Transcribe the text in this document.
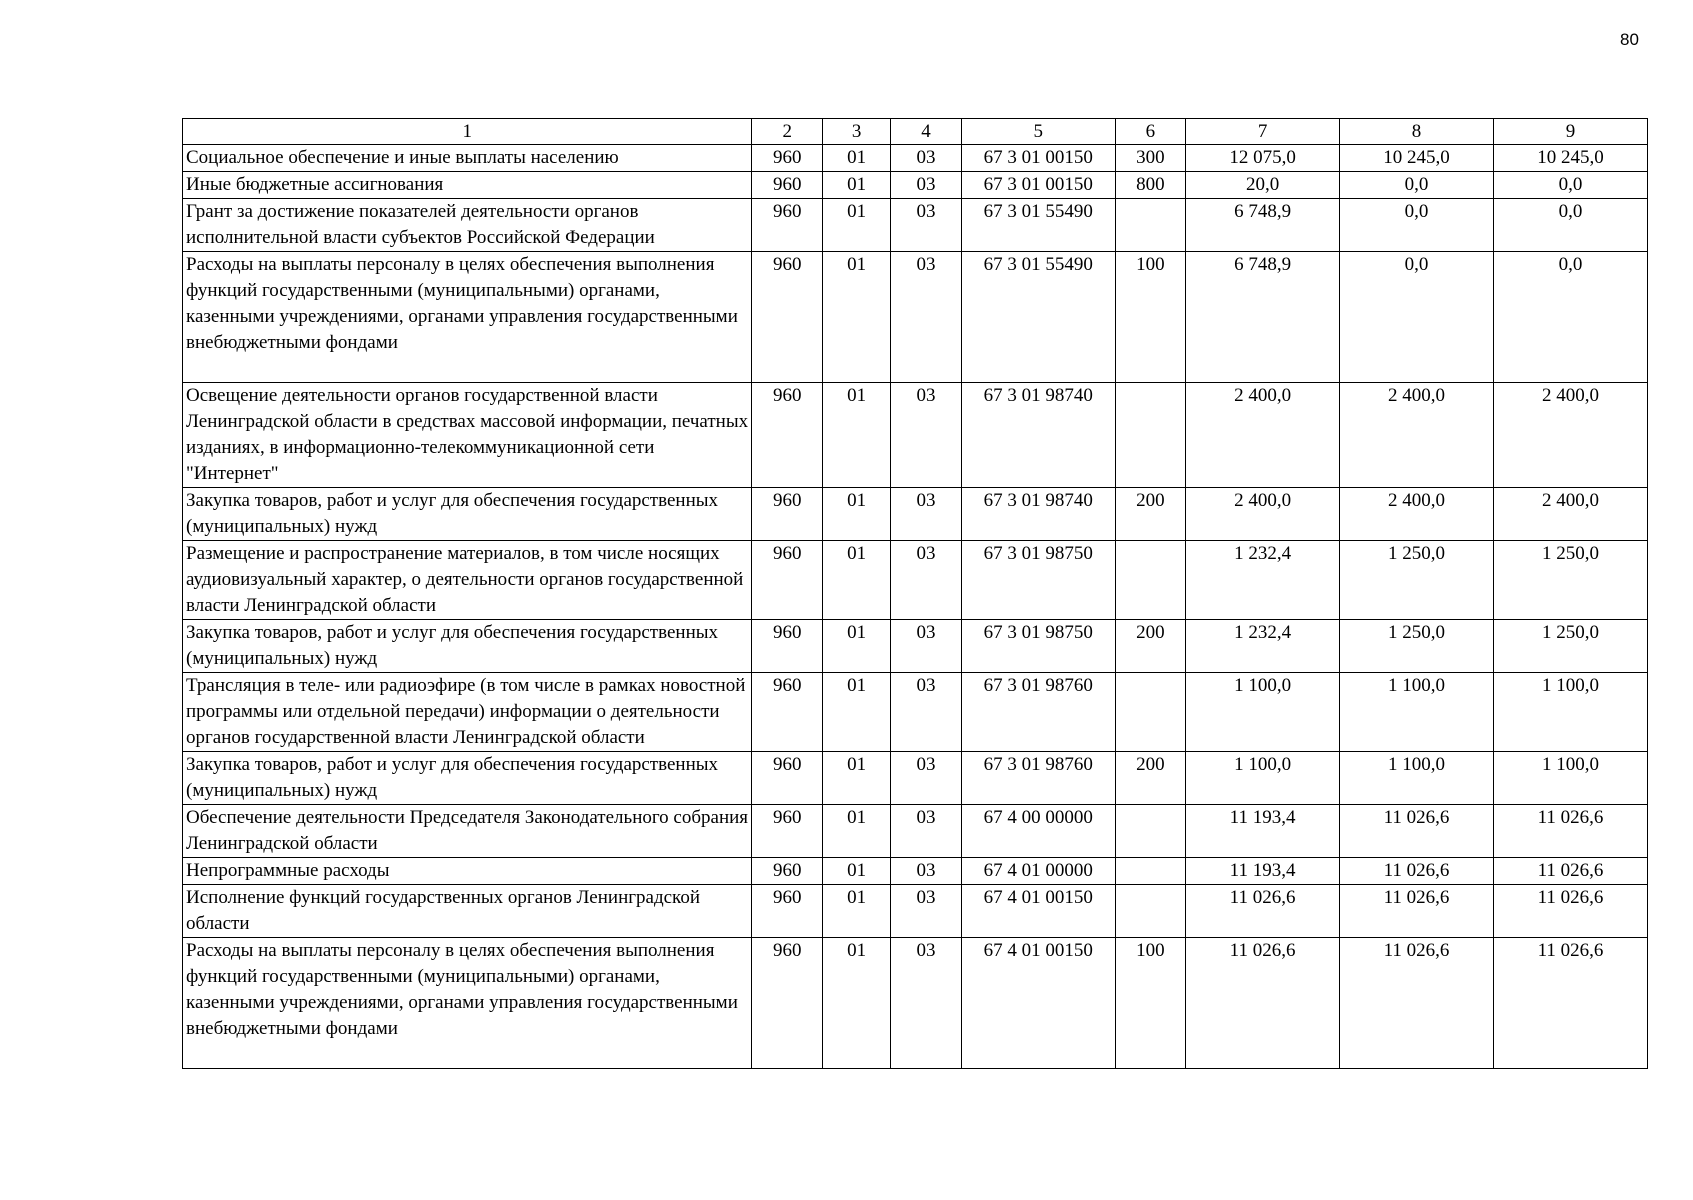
80
1	2	3	4	5	6	7	8	9
Социальное обеспечение и иные выплаты населению	960	01	03	67 3 01 00150	300	12 075,0	10 245,0	10 245,0
Иные бюджетные ассигнования	960	01	03	67 3 01 00150	800	20,0	0,0	0,0
Грант за достижение показателей деятельности органов исполнительной власти субъектов Российской Федерации	960	01	03	67 3 01 55490		6 748,9	0,0	0,0
Расходы на выплаты персоналу в целях обеспечения выполнения функций государственными (муниципальными) органами, казенными учреждениями, органами управления государственными внебюджетными фондами	960	01	03	67 3 01 55490	100	6 748,9	0,0	0,0
Освещение деятельности органов государственной власти Ленинградской области в средствах массовой информации, печатных изданиях, в информационно-телекоммуникационной сети "Интернет"	960	01	03	67 3 01 98740		2 400,0	2 400,0	2 400,0
Закупка товаров, работ и услуг для обеспечения государственных (муниципальных) нужд	960	01	03	67 3 01 98740	200	2 400,0	2 400,0	2 400,0
Размещение и распространение материалов, в том числе носящих аудиовизуальный характер, о деятельности органов государственной власти Ленинградской области	960	01	03	67 3 01 98750		1 232,4	1 250,0	1 250,0
Закупка товаров, работ и услуг для обеспечения государственных (муниципальных) нужд	960	01	03	67 3 01 98750	200	1 232,4	1 250,0	1 250,0
Трансляция в теле- или радиоэфире (в том числе в рамках новостной программы или отдельной передачи) информации о деятельности органов государственной власти Ленинградской области	960	01	03	67 3 01 98760		1 100,0	1 100,0	1 100,0
Закупка товаров, работ и услуг для обеспечения государственных (муниципальных) нужд	960	01	03	67 3 01 98760	200	1 100,0	1 100,0	1 100,0
Обеспечение деятельности Председателя Законодательного собрания Ленинградской области	960	01	03	67 4 00 00000		11 193,4	11 026,6	11 026,6
Непрограммные расходы	960	01	03	67 4 01 00000		11 193,4	11 026,6	11 026,6
Исполнение функций государственных органов Ленинградской области	960	01	03	67 4 01 00150		11 026,6	11 026,6	11 026,6
Расходы на выплаты персоналу в целях обеспечения выполнения функций государственными (муниципальными) органами, казенными учреждениями, органами управления государственными внебюджетными фондами	960	01	03	67 4 01 00150	100	11 026,6	11 026,6	11 026,6
